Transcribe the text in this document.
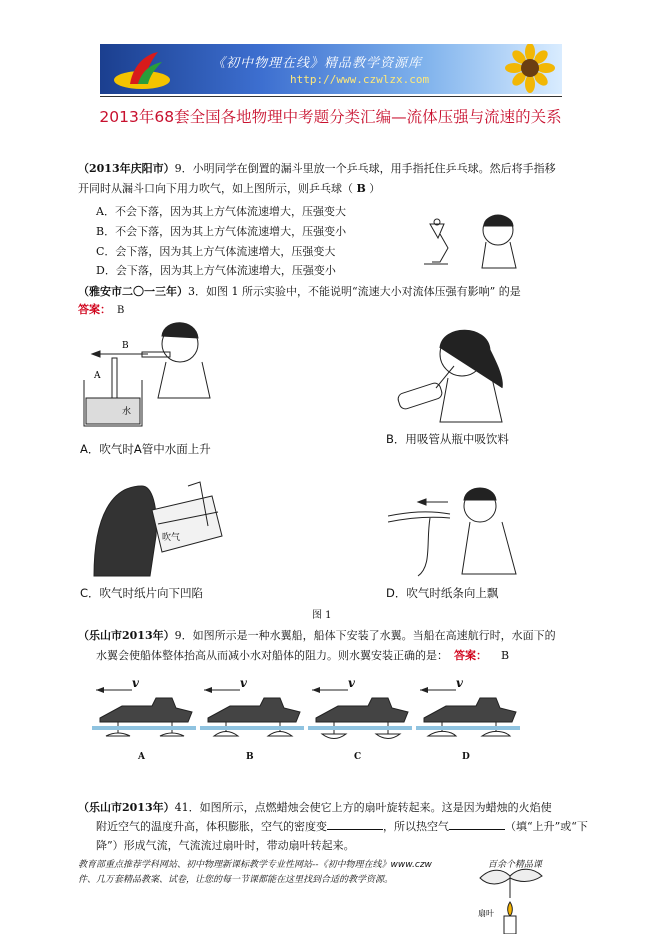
《初中物理在线》精品教学资源库
http://www.czwlzx.com
2013年68套全国各地物理中考题分类汇编—流体压强与流速的关系
（2013年庆阳市）9．小明同学在倒置的漏斗里放一个乒乓球，用手指托住乒乓球。然后将手指移
开同时从漏斗口向下用力吹气，如上图所示，则乒乓球（ B ）
A．不会下落，因为其上方气体流速增大，压强变大
B．不会下落，因为其上方气体流速增大，压强变小
C．会下落，因为其上方气体流速增大，压强变大
D．会下落，因为其上方气体流速增大，压强变小
（雅安市二〇一三年）3．如图 1 所示实验中，不能说明“流速大小对流体压强有影响” 的是
答案： B
B
A
水
A．吹气时A管中水面上升
B．用吸管从瓶中吸饮料
吹气
C．吹气时纸片向下凹陷	D．吹气时纸条向上飘
图 1
（乐山市2013年）9．如图所示是一种水翼船，船体下安装了水翼。当船在高速航行时，水面下的
水翼会使船体整体抬高从而减小水对船体的阻力。则水翼安装正确的是： 答案： B
v
A
v
B
v
C
v
D
（乐山市2013年）41．如图所示，点燃蜡烛会使它上方的扇叶旋转起来。这是因为蜡烛的火焰使
附近空气的温度升高，体积膨胀，空气的密度变	，所以热空气	（填“上升”或“下
降”）形成气流，气流流过扇叶时，带动扇叶转起来。
教育部重点推荐学科网站、初中物理新课标教学专业性网站--《初中物理在线》www.czw	百余个精品课
件、几万套精品教案、试卷，让您的每一节课都能在这里找到合适的教学资源。
扇叶
